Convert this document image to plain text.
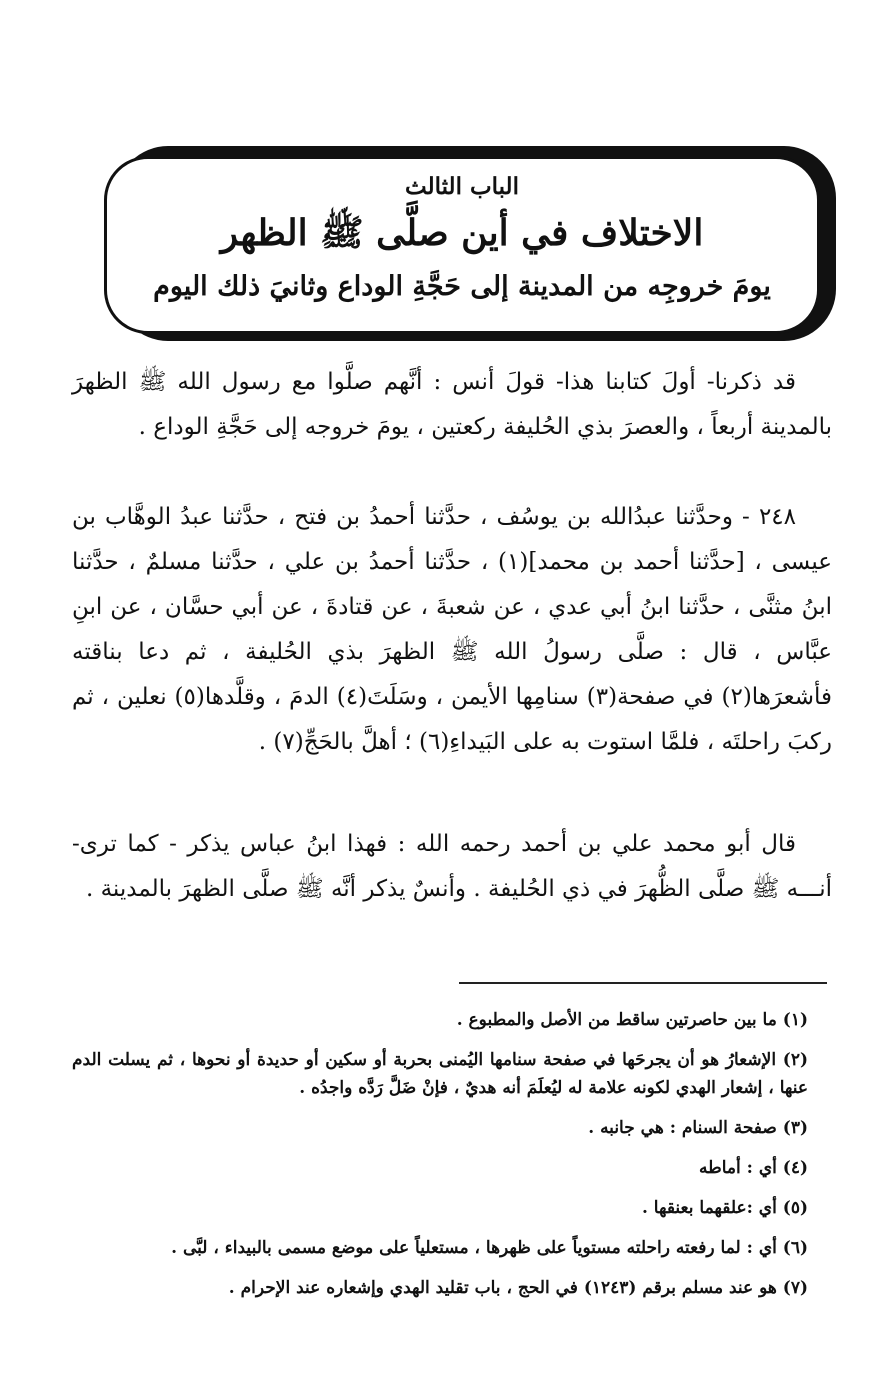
الباب الثالث
الاختلاف في أين صلَّى ﷺ الظهر
يومَ خروجِه من المدينة إلى حَجَّةِ الوداع وثانيَ ذلك اليوم

قد ذكرنا- أولَ كتابنا هذا- قولَ أنس : أنَّهم صلَّوا مع رسول الله ﷺ الظهرَ بالمدينة أربعاً ، والعصرَ بذي الحُليفة ركعتين ، يومَ خروجه إلى حَجَّةِ الوداع .

٢٤٨ - وحدَّثنا عبدُالله بن يوسُف ، حدَّثنا أحمدُ بن فتح ، حدَّثنا عبدُ الوهَّاب بن عيسى ، [حدَّثنا أحمد بن محمد](١) ، حدَّثنا أحمدُ بن علي ، حدَّثنا مسلمٌ ، حدَّثنا ابنُ مثنَّى ، حدَّثنا ابنُ أبي عدي ، عن شعبةَ ، عن قتادةَ ، عن أبي حسَّان ، عن ابنِ عبَّاس ، قال : صلَّى رسولُ الله ﷺ الظهرَ بذي الحُليفة ، ثم دعا بناقته فأشعرَها(٢) في صفحة(٣) سنامِها الأيمن ، وسَلَتَ(٤) الدمَ ، وقلَّدها(٥) نعلين ، ثم ركبَ راحلتَه ، فلمَّا استوت به على البَيداءِ(٦) ؛ أهلَّ بالحَجِّ(٧) .

قال أبو محمد علي بن أحمد رحمه الله : فهذا ابنُ عباس يذكر - كما ترى- أنـــه ﷺ صلَّى الظُّهرَ في ذي الحُليفة . وأنسٌ يذكر أنَّه ﷺ صلَّى الظهرَ بالمدينة .

(١) ما بين حاصرتين ساقط من الأصل والمطبوع .

(٢) الإشعارُ هو أن يجرحَها في صفحة سنامها اليُمنى بحربة أو سكين أو حديدة أو نحوها ، ثم يسلت الدم عنها ، إشعار الهدي لكونه علامة له ليُعلَمَ أنه هديٌ ، فإنْ ضَلَّ رَدَّه واجدُه .

(٣) صفحة السنام : هي جانبه .

(٤) أي : أماطه

(٥) أي :علقهما بعنقها .

(٦) أي : لما رفعته راحلته مستوياً على ظهرها ، مستعلياً على موضع مسمى بالبيداء ، لبَّى .

(٧) هو عند مسلم برقم (١٢٤٣) في الحج ، باب تقليد الهدي وإشعاره عند الإحرام .
